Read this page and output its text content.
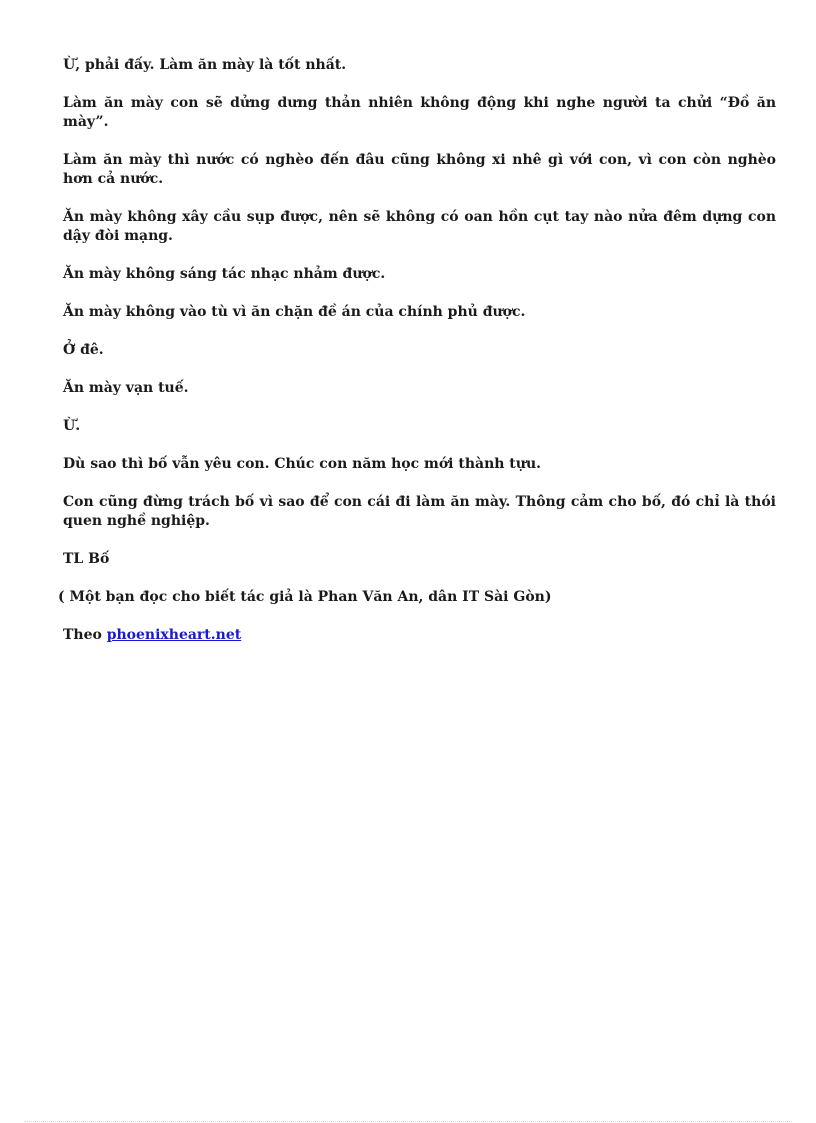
Ừ, phải đấy. Làm ăn mày là tốt nhất.

Làm ăn mày con sẽ dửng dưng thản nhiên không động khi nghe người ta chửi “Đồ ăn mày”.

Làm ăn mày thì nước có nghèo đến đâu cũng không xi nhê gì với con, vì con còn nghèo hơn cả nước.

Ăn mày không xây cầu sụp được, nên sẽ không có oan hồn cụt tay nào nửa đêm dựng con dậy đòi mạng.

Ăn mày không sáng tác nhạc nhảm được.

Ăn mày không vào tù vì ăn chặn đề án của chính phủ được.

Ở đê.

Ăn mày vạn tuế.

Ừ.

Dù sao thì bố vẫn yêu con. Chúc con năm học mới thành tựu.

Con cũng đừng trách bố vì sao để con cái đi làm ăn mày. Thông cảm cho bố, đó chỉ là thói quen nghề nghiệp.

TL Bố

( Một bạn đọc cho biết tác giả là Phan Văn An, dân IT Sài Gòn)

Theo phoenixheart.net
